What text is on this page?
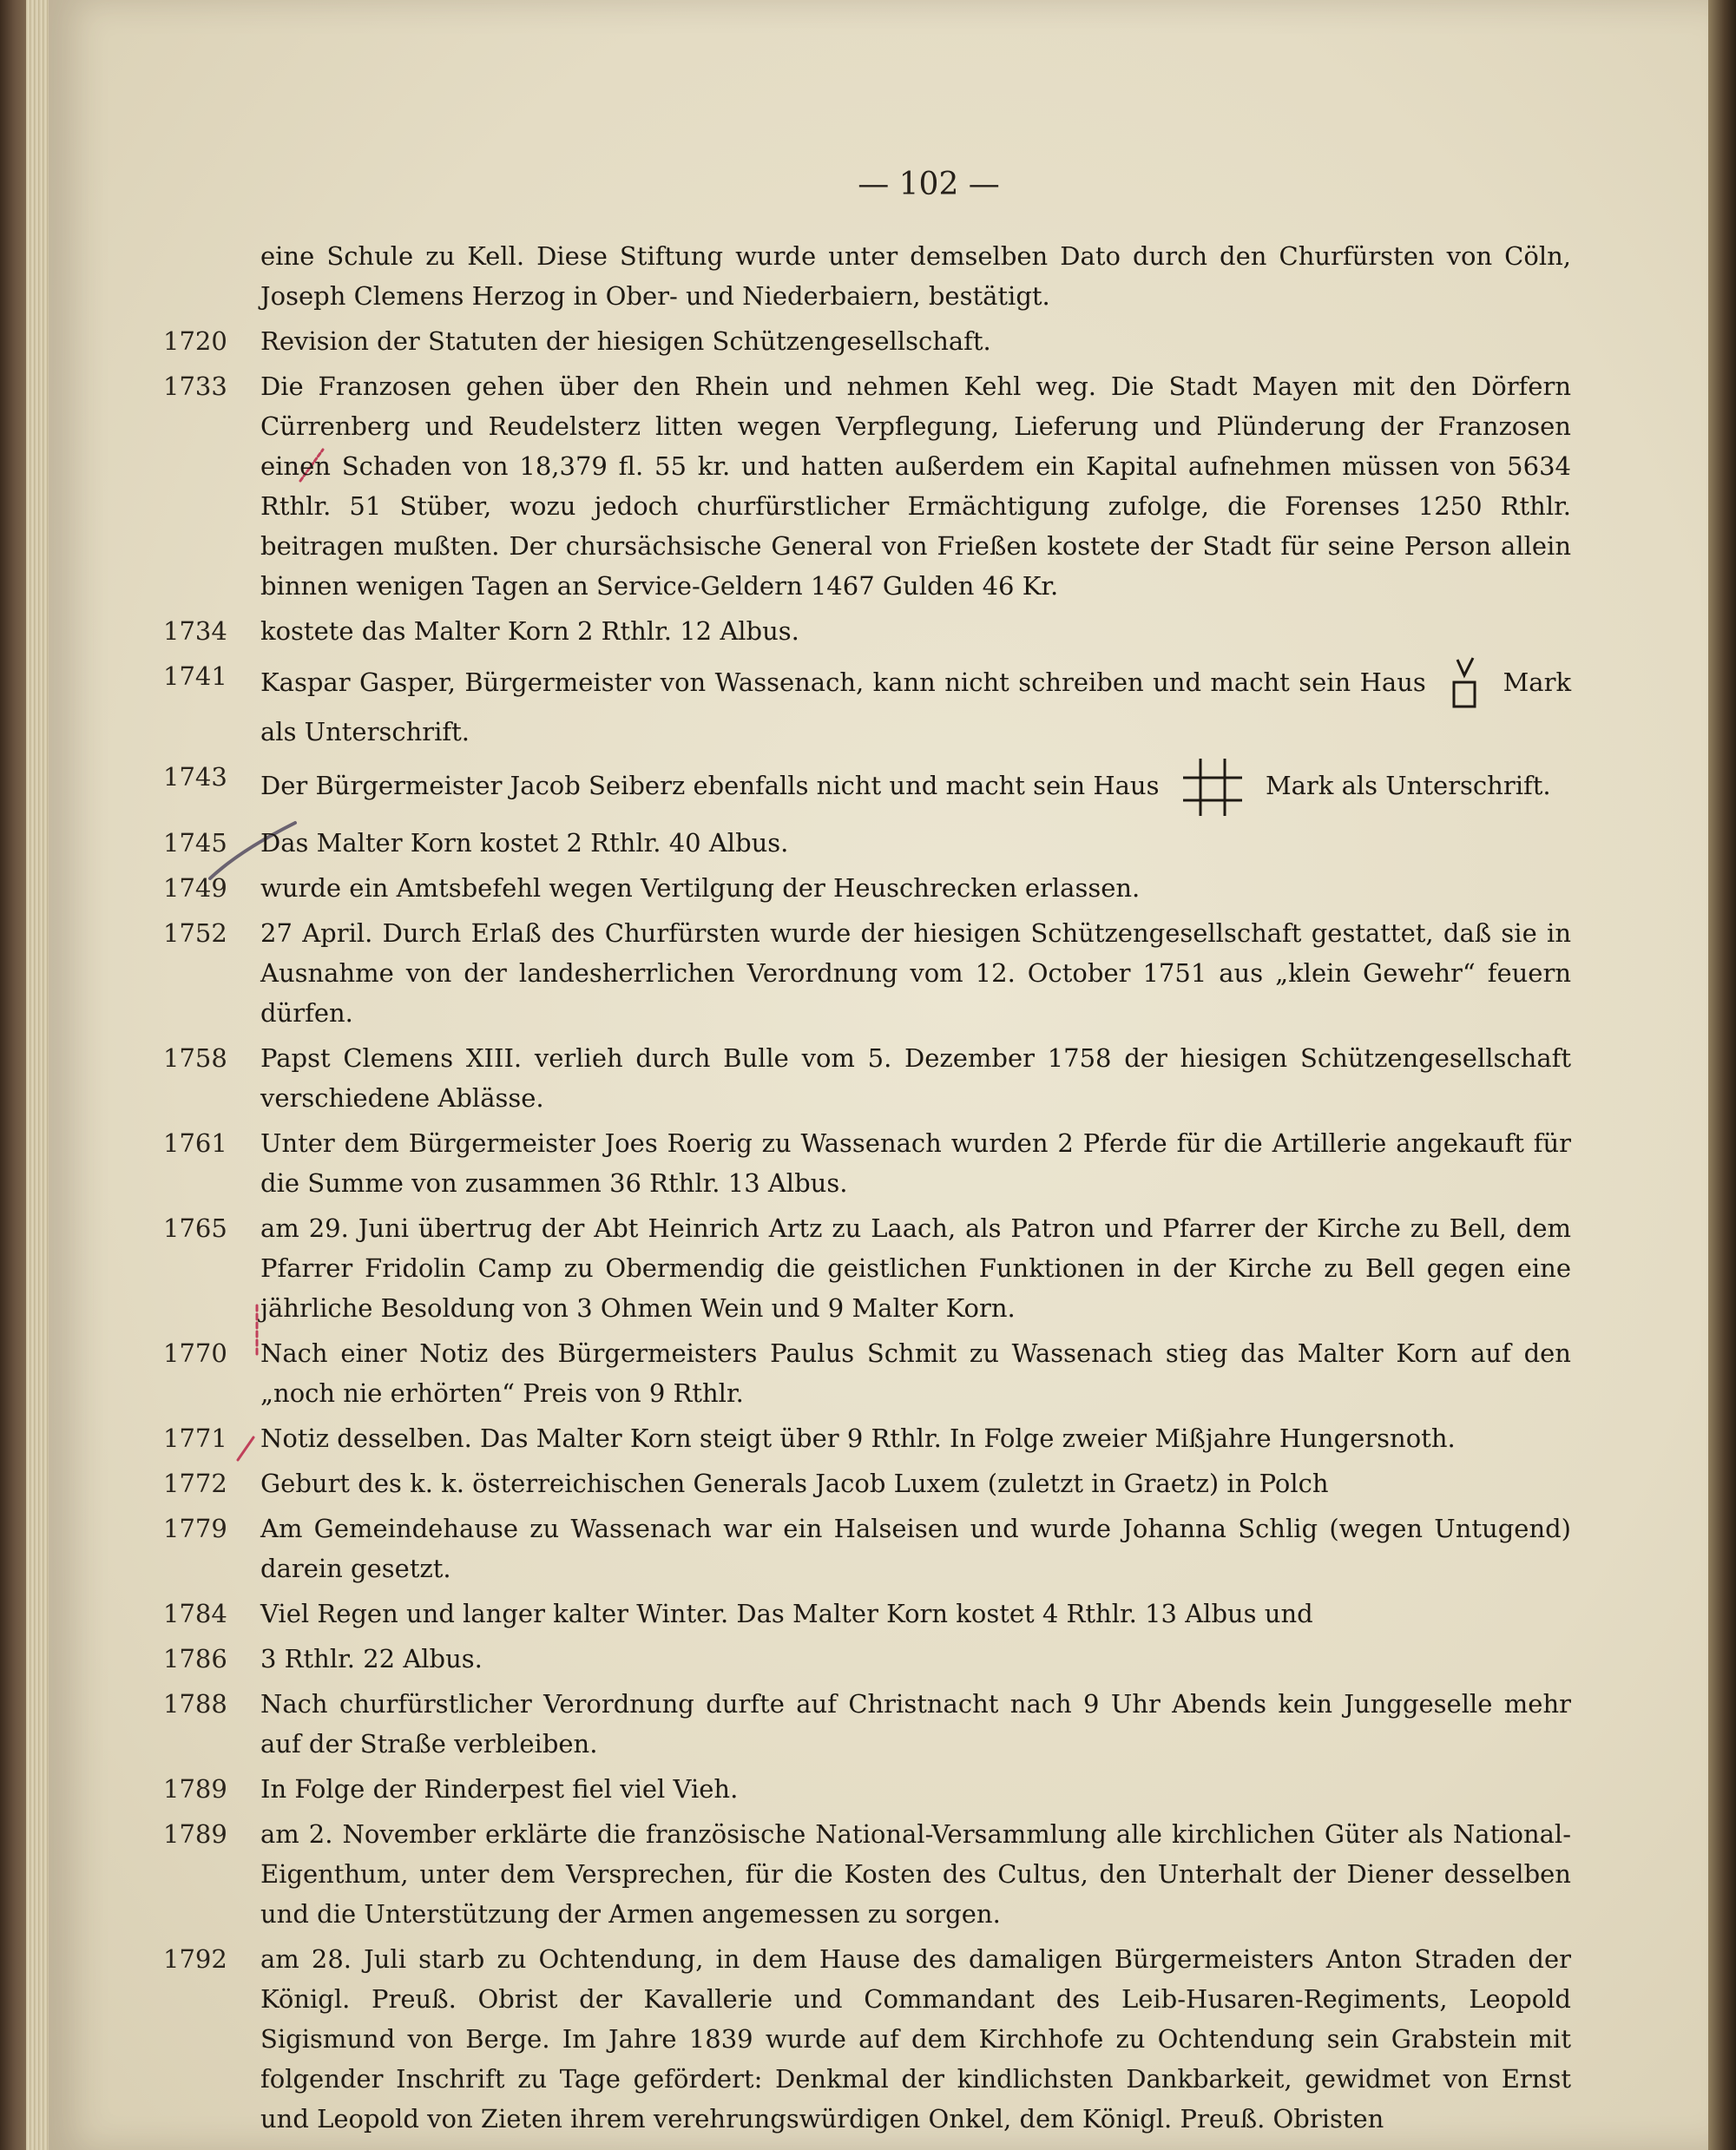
— 102 —

eine Schule zu Kell. Diese Stiftung wurde unter demselben Dato durch den Churfürsten von Cöln, Joseph Clemens Herzog in Ober- und Niederbaiern, bestätigt.

1720	Revision der Statuten der hiesigen Schützengesellschaft.

1733	Die Franzosen gehen über den Rhein und nehmen Kehl weg. Die Stadt Mayen mit den Dörfern Cürrenberg und Reudelsterz litten wegen Verpflegung, Lieferung und Plünderung der Franzosen einen Schaden von 18,379 fl. 55 kr. und hatten außerdem ein Kapital aufnehmen müssen von 5634 Rthlr. 51 Stüber, wozu jedoch churfürstlicher Ermächtigung zufolge, die Forenses 1250 Rthlr. beitragen mußten. Der chursächsische General von Frießen kostete der Stadt für seine Person allein binnen wenigen Tagen an Service-Geldern 1467 Gulden 46 Kr.

1734	kostete das Malter Korn 2 Rthlr. 12 Albus.

1741	Kaspar Gasper, Bürgermeister von Wassenach, kann nicht schreiben und macht sein Haus	Mark als Unterschrift.

1743	Der Bürgermeister Jacob Seiberz ebenfalls nicht und macht sein Haus	Mark als Unterschrift.

1745	Das Malter Korn kostet 2 Rthlr. 40 Albus.

1749	wurde ein Amtsbefehl wegen Vertilgung der Heuschrecken erlassen.

1752	27 April. Durch Erlaß des Churfürsten wurde der hiesigen Schützengesellschaft gestattet, daß sie in Ausnahme von der landesherrlichen Verordnung vom 12. October 1751 aus „klein Gewehr“ feuern dürfen.

1758	Papst Clemens XIII. verlieh durch Bulle vom 5. Dezember 1758 der hiesigen Schützengesellschaft verschiedene Ablässe.

1761	Unter dem Bürgermeister Joes Roerig zu Wassenach wurden 2 Pferde für die Artillerie angekauft für die Summe von zusammen 36 Rthlr. 13 Albus.

1765	am 29. Juni übertrug der Abt Heinrich Artz zu Laach, als Patron und Pfarrer der Kirche zu Bell, dem Pfarrer Fridolin Camp zu Obermendig die geistlichen Funktionen in der Kirche zu Bell gegen eine jährliche Besoldung von 3 Ohmen Wein und 9 Malter Korn.

1770	Nach einer Notiz des Bürgermeisters Paulus Schmit zu Wassenach stieg das Malter Korn auf den „noch nie erhörten“ Preis von 9 Rthlr.

1771	Notiz desselben. Das Malter Korn steigt über 9 Rthlr. In Folge zweier Mißjahre Hungersnoth.

1772	Geburt des k. k. österreichischen Generals Jacob Luxem (zuletzt in Graetz) in Polch

1779	Am Gemeindehause zu Wassenach war ein Halseisen und wurde Johanna Schlig (wegen Untugend) darein gesetzt.

1784	Viel Regen und langer kalter Winter. Das Malter Korn kostet 4 Rthlr. 13 Albus und

1786	3 Rthlr. 22 Albus.

1788	Nach churfürstlicher Verordnung durfte auf Christnacht nach 9 Uhr Abends kein Junggeselle mehr auf der Straße verbleiben.

1789	In Folge der Rinderpest fiel viel Vieh.

1789	am 2. November erklärte die französische National-Versammlung alle kirchlichen Güter als National-Eigenthum, unter dem Versprechen, für die Kosten des Cultus, den Unterhalt der Diener desselben und die Unterstützung der Armen angemessen zu sorgen.

1792	am 28. Juli starb zu Ochtendung, in dem Hause des damaligen Bürgermeisters Anton Straden der Königl. Preuß. Obrist der Kavallerie und Commandant des Leib-Husaren-Regiments, Leopold Sigismund von Berge. Im Jahre 1839 wurde auf dem Kirchhofe zu Ochtendung sein Grabstein mit folgender Inschrift zu Tage gefördert: Denkmal der kindlichsten Dankbarkeit, gewidmet von Ernst und Leopold von Zieten ihrem verehrungswürdigen Onkel, dem Königl. Preuß. Obristen
